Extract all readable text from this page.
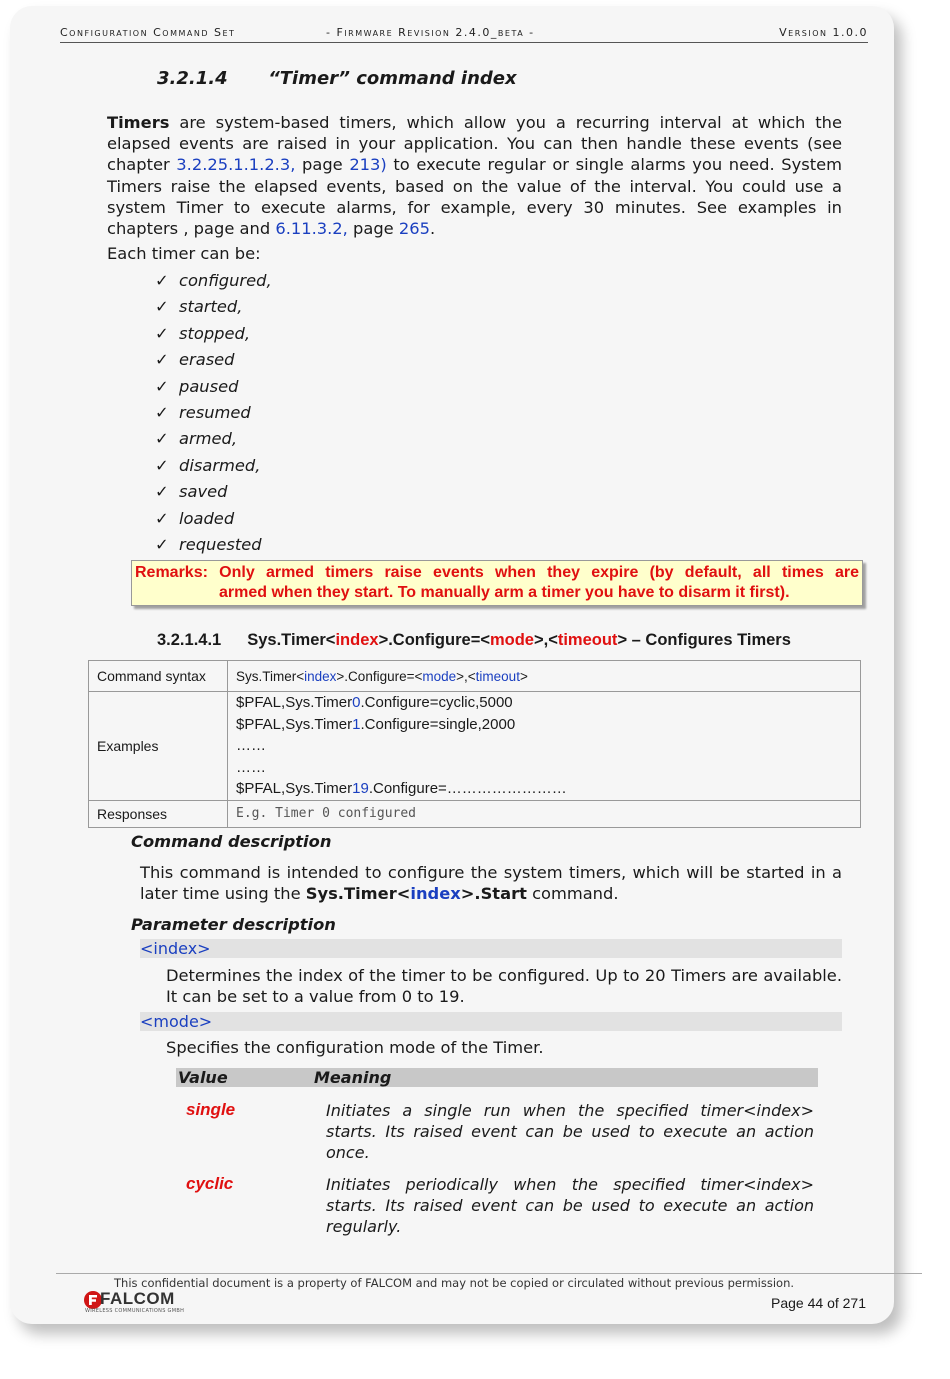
Configuration Command Set	- Firmware Revision 2.4.0_beta -	Version 1.0.0
3.2.1.4 “Timer” command index
Timers are system-based timers, which allow you a recurring interval at which the elapsed events are raised in your application. You can then handle these events (see chapter 3.2.25.1.1.2.3, page 213) to execute regular or single alarms you need. System Timers raise the elapsed events, based on the value of the interval. You could use a system Timer to execute alarms, for example, every 30 minutes. See examples in chapters , page and 6.11.3.2, page 265.
Each timer can be:
✓ configured,
✓ started,
✓ stopped,
✓ erased
✓ paused
✓ resumed
✓ armed,
✓ disarmed,
✓ saved
✓ loaded
✓ requested
Remarks: Only armed timers raise events when they expire (by default, all times are
armed when they start. To manually arm a timer you have to disarm it first).
3.2.1.4.1 Sys.Timer<index>.Configure=<mode>,<timeout> – Configures Timers
Command syntax	Sys.Timer<index>.Configure=<mode>,<timeout>
Examples	$PFAL,Sys.Timer0.Configure=cyclic,5000
$PFAL,Sys.Timer1.Configure=single,2000
……
……
$PFAL,Sys.Timer19.Configure=……………………

Responses	E.g. Timer 0 configured
Command description
This command is intended to configure the system timers, which will be started in a later time using the Sys.Timer<index>.Start command.
Parameter description
<index>
Determines the index of the timer to be configured. Up to 20 Timers are available. It can be set to a value from 0 to 19.
<mode>
Specifies the configuration mode of the Timer.
Value	Meaning
single	Initiates a single run when the specified timer<index> starts. Its raised event can be used to execute an action once.
cyclic	Initiates periodically when the specified timer<index> starts. Its raised event can be used to execute an action regularly.
This confidential document is a property of FALCOM and may not be copied or circulated without previous permission.
FALCOM
WIRELESS COMMUNICATIONS GMBH	Page 44 of 271
